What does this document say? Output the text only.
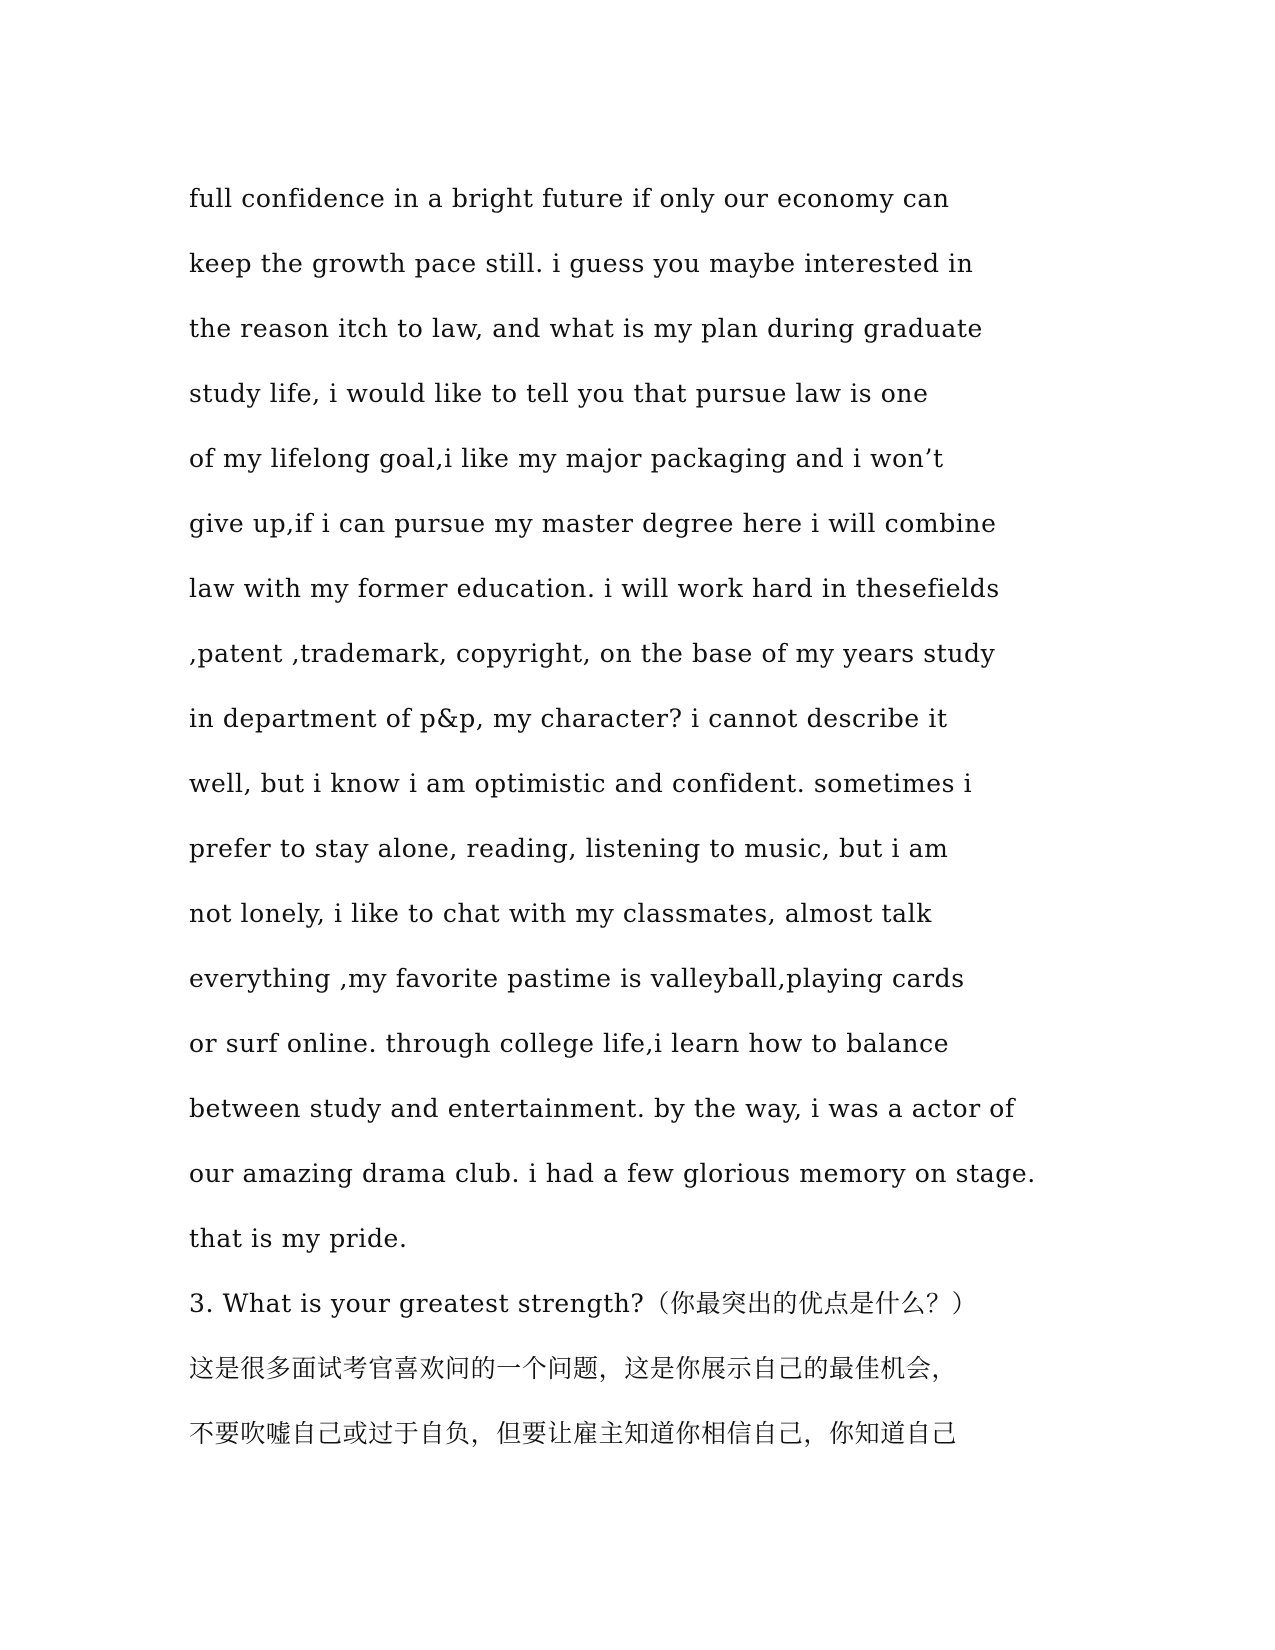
full confidence in a bright future if only our economy can
keep the growth pace still. i guess you maybe interested in
the reason itch to law, and what is my plan during graduate
study life, i would like to tell you that pursue law is one
of my lifelong goal,i like my major packaging and i won’t
give up,if i can pursue my master degree here i will combine
law with my former education. i will work hard in thesefields
,patent ,trademark, copyright, on the base of my years study
in department of p&p, my character? i cannot describe it
well, but i know i am optimistic and confident. sometimes i
prefer to stay alone, reading, listening to music, but i am
not lonely, i like to chat with my classmates, almost talk
everything ,my favorite pastime is valleyball,playing cards
or surf online. through college life,i learn how to balance
between study and entertainment. by the way, i was a actor of
our amazing drama club. i had a few glorious memory on stage.
that is my pride.
3. What is your greatest strength?（你最突出的优点是什么？）
这是很多面试考官喜欢问的一个问题，这是你展示自己的最佳机会，
不要吹嘘自己或过于自负，但要让雇主知道你相信自己，你知道自己
